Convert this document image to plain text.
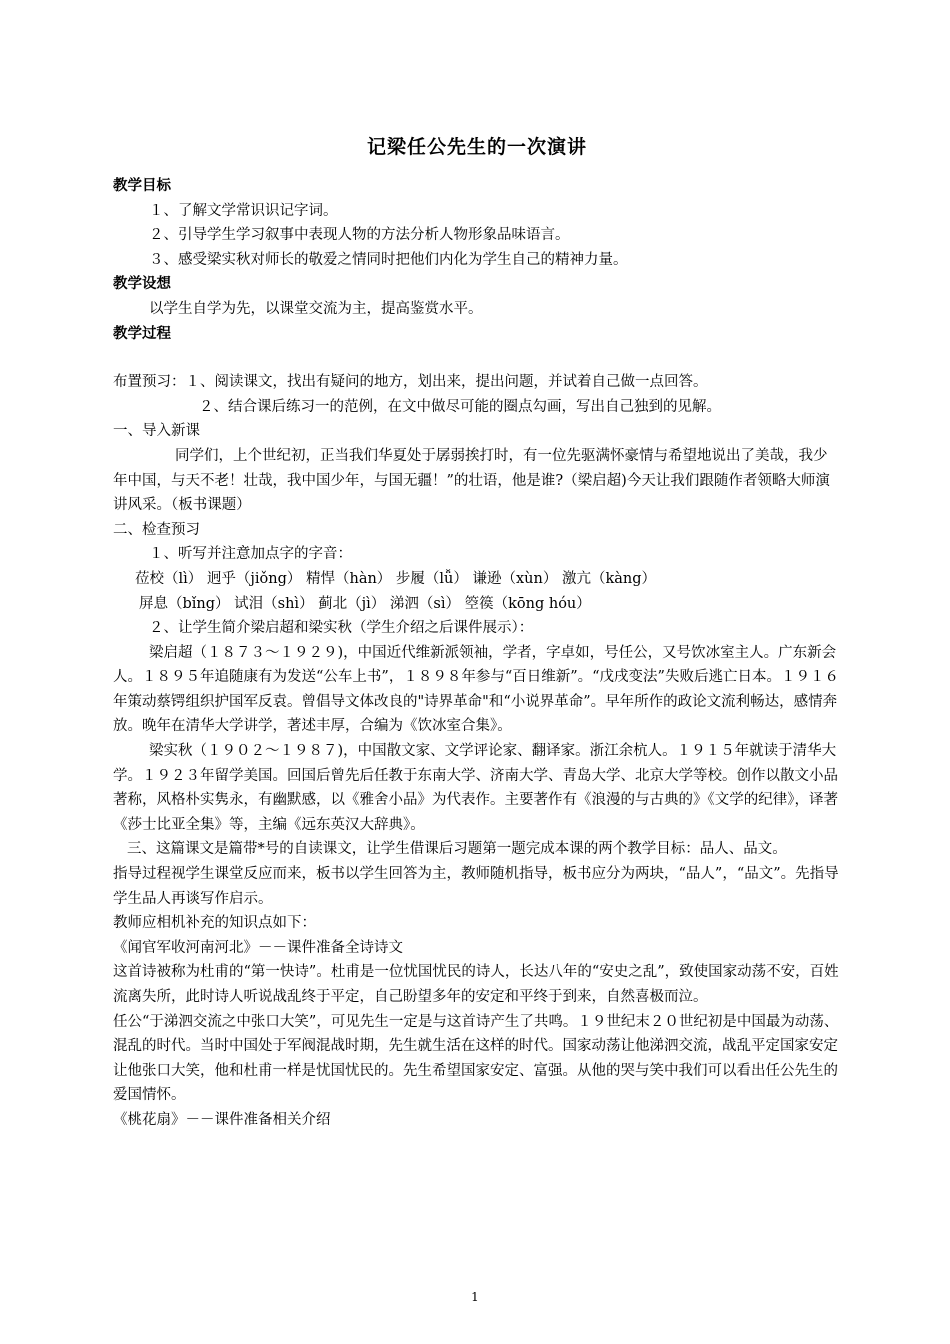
记梁任公先生的一次演讲
教学目标

１、了解文学常识识记字词。

２、引导学生学习叙事中表现人物的方法分析人物形象品味语言。

３、感受梁实秋对师长的敬爱之情同时把他们内化为学生自己的精神力量。

教学设想

以学生自学为先，以课堂交流为主，提高鉴赏水平。

教学过程

布置预习：１、阅读课文，找出有疑问的地方，划出来，提出问题，并试着自己做一点回答。

２、结合课后练习一的范例，在文中做尽可能的圈点勾画，写出自己独到的见解。

一、导入新课

同学们，上个世纪初，正当我们华夏处于孱弱挨打时，有一位先驱满怀豪情与希望地说出了美哉，我少年中国，与天不老！壮哉，我中国少年，与国无疆！”的壮语，他是谁?（梁启超)今天让我们跟随作者领略大师演讲风采。（板书课题）

二、检查预习

１、听写并注意加点字的字音：

莅校（lì） 迥乎（jiǒng） 精悍（hàn） 步履（lǚ） 谦逊（xùn） 激亢（kàng）

屏息（bǐng） 试泪（shì） 蓟北（jì） 涕泗（sì） 箜篌（kōng hóu）

２、让学生简介梁启超和梁实秋（学生介绍之后课件展示）：

梁启超（１８７３～１９２９)，中国近代维新派领袖，学者，字卓如，号任公，又号饮冰室主人。广东新会人。１８９５年追随康有为发送“公车上书”，１８９８年参与“百日维新”。“戊戌变法”失败后逃亡日本。１９１６年策动蔡锷组织护国军反袁。曾倡导文体改良的"诗界革命"和“小说界革命”。早年所作的政论文流利畅达，感情奔放。晚年在清华大学讲学，著述丰厚，合编为《饮冰室合集》。

梁实秋（１９０２～１９８７)，中国散文家、文学评论家、翻译家。浙江余杭人。１９１５年就读于清华大学。１９２３年留学美国。回国后曾先后任教于东南大学、济南大学、青岛大学、北京大学等校。创作以散文小品著称，风格朴实隽永，有幽默感，以《雅舍小品》为代表作。主要著作有《浪漫的与古典的》《文学的纪律》，译著《莎士比亚全集》等，主编《远东英汉大辞典》。

三、这篇课文是篇带*号的自读课文，让学生借课后习题第一题完成本课的两个教学目标：品人、品文。

指导过程视学生课堂反应而来，板书以学生回答为主，教师随机指导，板书应分为两块，“品人”，“品文”。先指导学生品人再谈写作启示。

教师应相机补充的知识点如下：

《闻官军收河南河北》－－课件准备全诗诗文

这首诗被称为杜甫的“第一快诗”。杜甫是一位忧国忧民的诗人，长达八年的“安史之乱”，致使国家动荡不安，百姓流离失所，此时诗人听说战乱终于平定，自己盼望多年的安定和平终于到来，自然喜极而泣。

任公“于涕泗交流之中张口大笑”，可见先生一定是与这首诗产生了共鸣。１９世纪末２０世纪初是中国最为动荡、混乱的时代。当时中国处于军阀混战时期，先生就生活在这样的时代。国家动荡让他涕泗交流，战乱平定国家安定让他张口大笑，他和杜甫一样是忧国忧民的。先生希望国家安定、富强。从他的哭与笑中我们可以看出任公先生的爱国情怀。

《桃花扇》－－课件准备相关介绍

1
